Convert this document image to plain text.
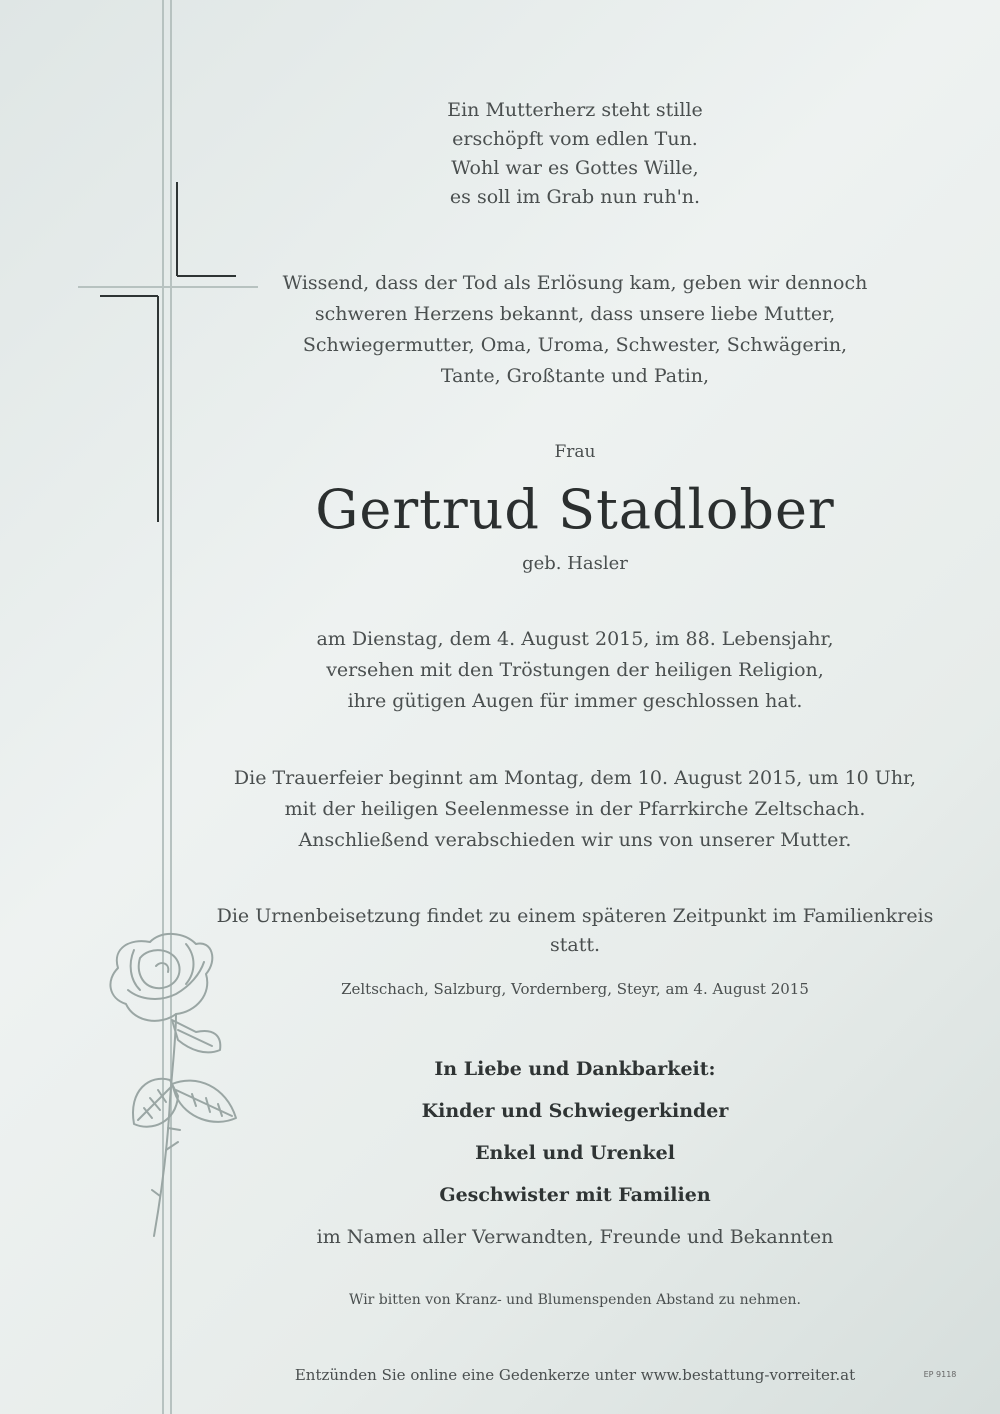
Ein Mutterherz steht stille

erschöpft vom edlen Tun.

Wohl war es Gottes Wille,

es soll im Grab nun ruh'n.

Wissend, dass der Tod als Erlösung kam, geben wir dennoch

schweren Herzens bekannt, dass unsere liebe Mutter,

Schwiegermutter, Oma, Uroma, Schwester, Schwägerin,

Tante, Großtante und Patin,

Frau
Gertrud Stadlober
geb. Hasler

am Dienstag, dem 4. August 2015, im 88. Lebensjahr,

versehen mit den Tröstungen der heiligen Religion,

ihre gütigen Augen für immer geschlossen hat.

Die Trauerfeier beginnt am Montag, dem 10. August 2015, um 10 Uhr,

mit der heiligen Seelenmesse in der Pfarrkirche Zeltschach.

Anschließend verabschieden wir uns von unserer Mutter.

Die Urnenbeisetzung findet zu einem späteren Zeitpunkt im Familienkreis statt.
Zeltschach, Salzburg, Vordernberg, Steyr, am 4. August 2015

In Liebe und Dankbarkeit:

Kinder und Schwiegerkinder

Enkel und Urenkel

Geschwister mit Familien

im Namen aller Verwandten, Freunde und Bekannten

Wir bitten von Kranz- und Blumenspenden Abstand zu nehmen.
Entzünden Sie online eine Gedenkerze unter www.bestattung-vorreiter.at	EP 9118
